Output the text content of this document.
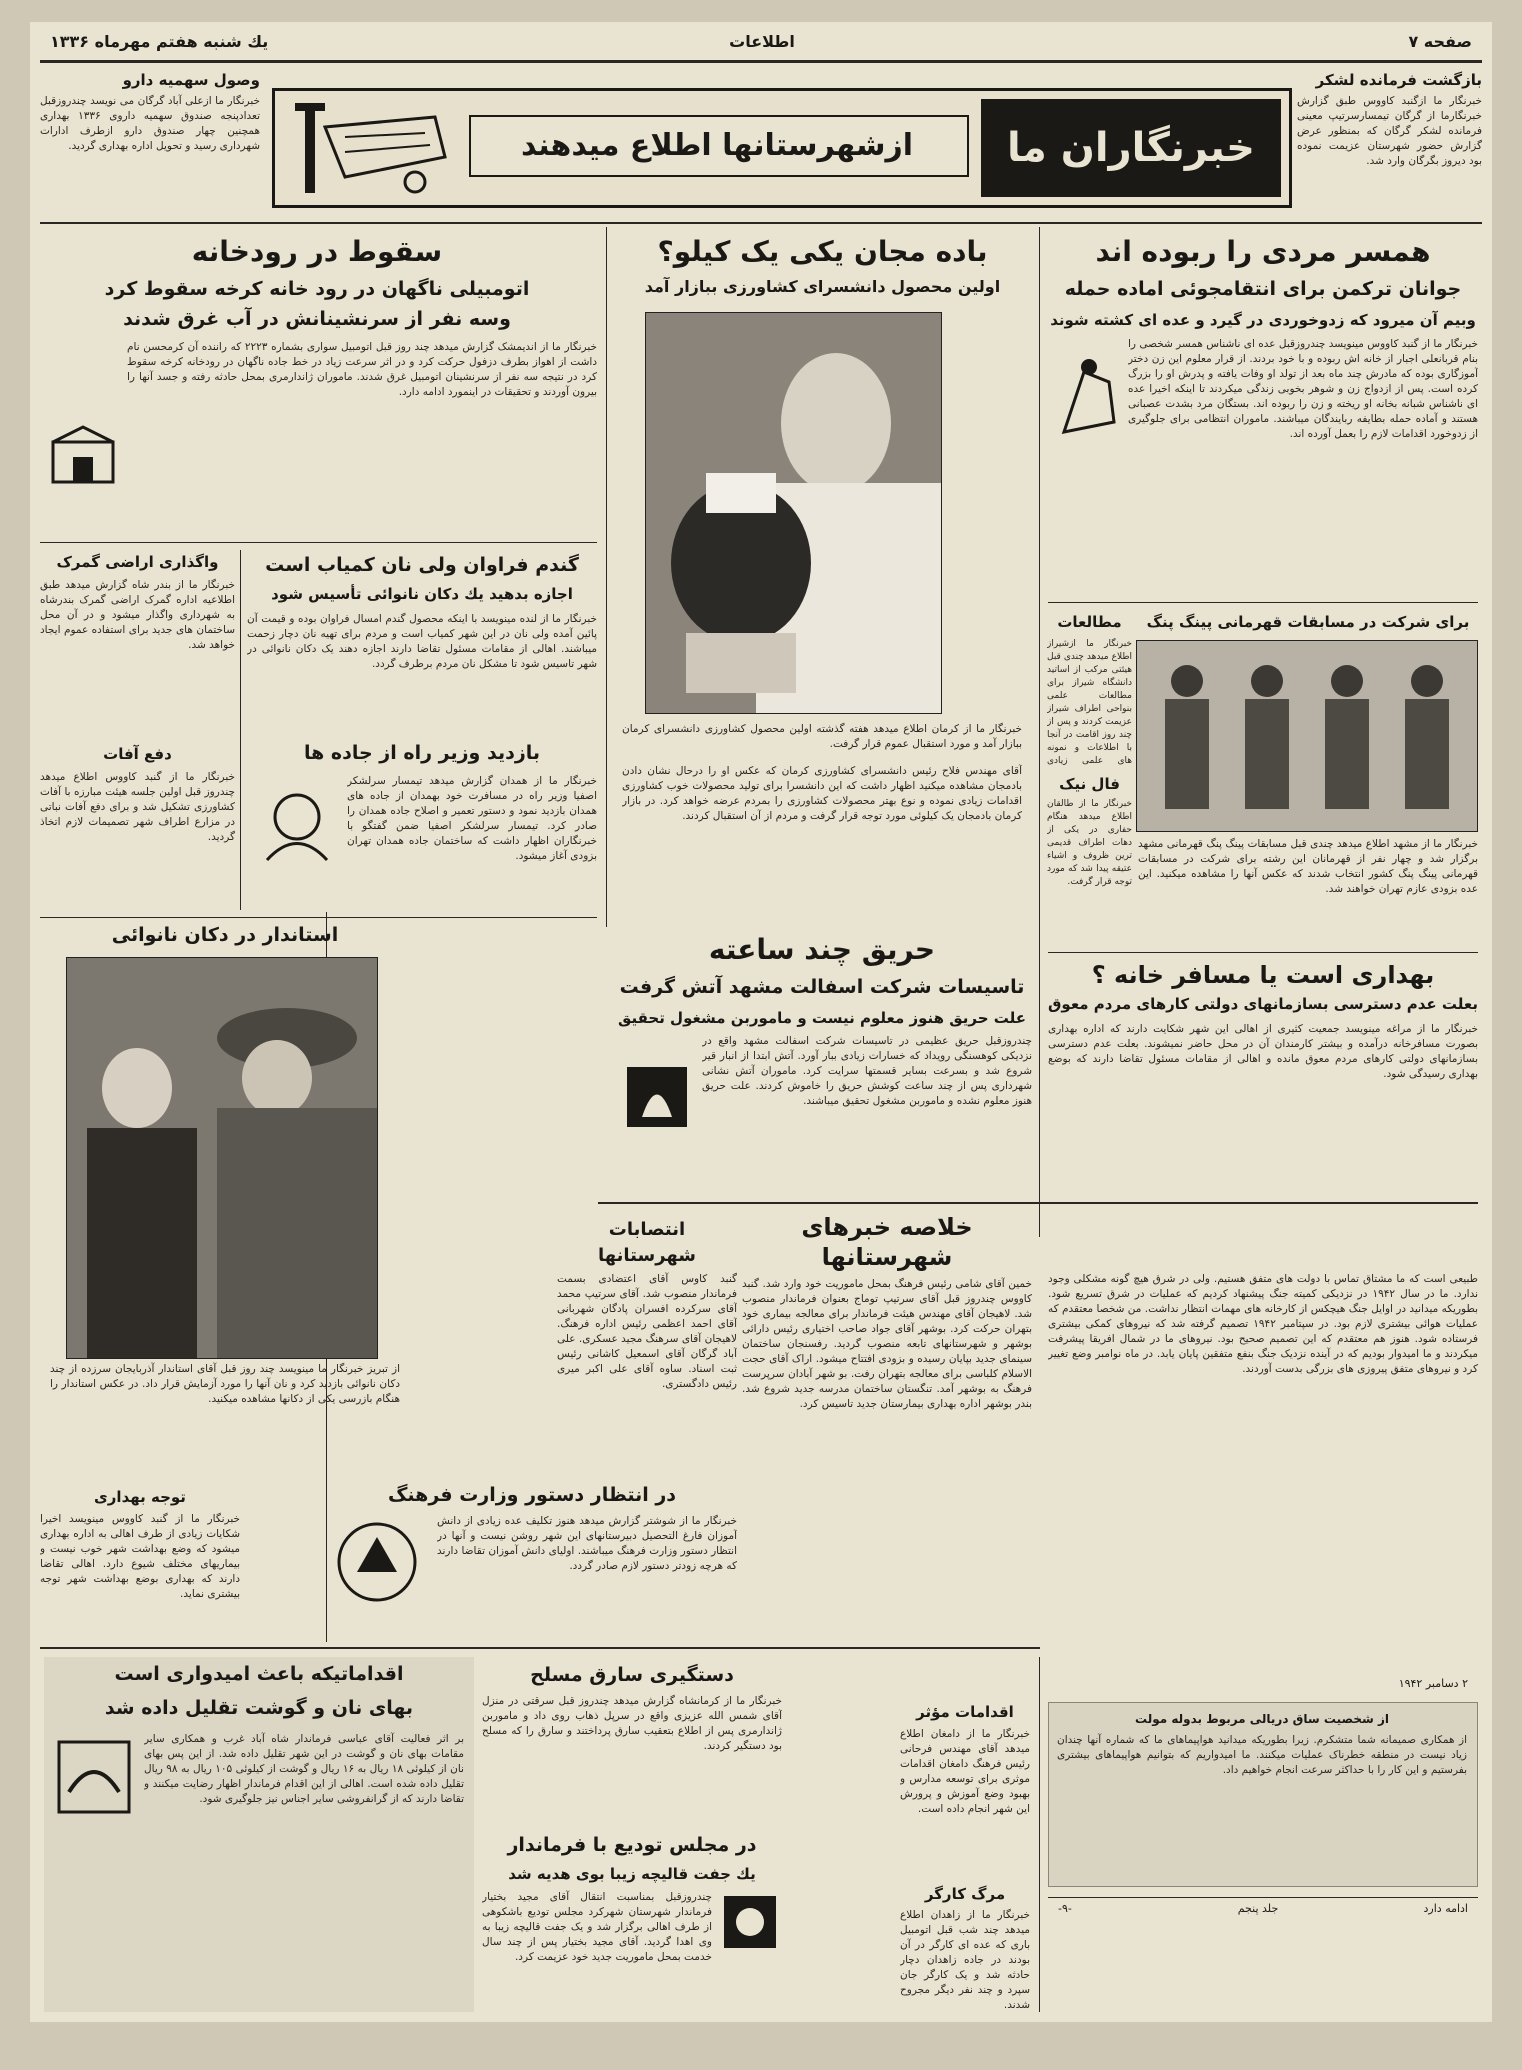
صفحه ۷
اطلاعات
یك شنبه هفتم مهرماه ۱۳۳۶
بازگشت فرمانده لشکر
خبرنگار ما ازگنبد کاووس طبق گزارش خبرنگارما از گرگان تیمسارسرتیپ معینی فرمانده لشکر گرگان که بمنظور عرض گزارش حضور شهرستان عزیمت نموده بود دیروز بگرگان وارد شد.
وصول سهمیه دارو
خبرنگار ما ازعلی آباد گرگان می نویسد چندروزقبل تعدادپنجه صندوق سهمیه داروی ۱۳۳۶ بهداری همچنین چهار صندوق دارو ازطرف ادارات شهرداری رسید و تحویل اداره بهداری گردید.	خبرنگاران ما
ازشهرستانها اطلاع میدهند
همسر مردی را ربوده اند
جوانان ترکمن برای انتقامجوئی اماده حمله
وبیم آن میرود که زدوخوردی در گیرد و عده ای کشته شوند
خبرنگار ما از گنبد کاووس مینویسد چندروزقبل عده ای ناشناس همسر شخصی را بنام قربانعلی اجبار از خانه اش ربوده و با خود بردند. از قرار معلوم این زن دختر آموزگاری بوده که مادرش چند ماه بعد از تولد او وفات یافته و پدرش او را بزرگ کرده است. پس از ازدواج زن و شوهر بخوبی زندگی میکردند تا اینکه اخیرا عده ای ناشناس شبانه بخانه او ریخته و زن را ربوده اند. بستگان مرد بشدت عصبانی هستند و آماده حمله بطایفه ربایندگان میباشند. ماموران انتظامی برای جلوگیری از زدوخورد اقدامات لازم را بعمل آورده اند.
باده مجان یکی یک کیلو؟
اولین محصول دانشسرای کشاورزی ببازار آمد
خبرنگار ما از کرمان اطلاع میدهد هفته گذشته اولین محصول کشاورزی دانشسرای کرمان ببازار آمد و مورد استقبال عموم قرار گرفت.
آقای مهندس فلاح رئیس دانشسرای کشاورزی کرمان که عکس او را درحال نشان دادن بادمجان مشاهده میکنید اظهار داشت که این دانشسرا برای تولید محصولات خوب کشاورزی اقدامات زیادی نموده و نوع بهتر محصولات کشاورزی را بمردم عرضه خواهد کرد. در بازار کرمان بادمجان یک کیلوئی مورد توجه قرار گرفت و مردم از آن استقبال کردند.
سقوط در رودخانه
اتومبیلی ناگهان در رود خانه کرخه سقوط کرد
وسه نفر از سرنشینانش در آب غرق شدند
خبرنگار ما از اندیمشک گزارش میدهد چند روز قبل اتومبیل سواری بشماره ۲۲۲۳ که راننده آن کرمحسن نام داشت از اهواز بطرف دزفول حرکت کرد و در اثر سرعت زیاد در خط جاده ناگهان در رودخانه کرخه سقوط کرد در نتیجه سه نفر از سرنشینان اتومبیل غرق شدند. ماموران ژاندارمری بمحل حادثه رفته و جسد آنها را بیرون آوردند و تحقیقات در اینمورد ادامه دارد.
گندم فراوان ولی نان کمیاب است
اجازه بدهید یك دكان نانوائی تأسیس شود
خبرنگار ما از لنده مینویسد با اینکه محصول گندم امسال فراوان بوده و قیمت آن پائین آمده ولی نان در این شهر کمیاب است و مردم برای تهیه نان دچار زحمت میباشند. اهالی از مقامات مسئول تقاضا دارند اجازه دهند یک دکان نانوائی در شهر تاسیس شود تا مشکل نان مردم برطرف گردد.
واگذاری اراضی گمرک
خبرنگار ما از بندر شاه گزارش میدهد طبق اطلاعیه اداره گمرک اراضی گمرک بندرشاه به شهرداری واگذار میشود و در آن محل ساختمان های جدید برای استفاده عموم ایجاد خواهد شد.
بازدید وزیر راه از جاده ها
خبرنگار ما از همدان گزارش میدهد تیمسار سرلشکر اصفیا وزیر راه در مسافرت خود بهمدان از جاده های همدان بازدید نمود و دستور تعمیر و اصلاح جاده همدان را صادر کرد. تیمسار سرلشکر اصفیا ضمن گفتگو با خبرنگاران اظهار داشت که ساختمان جاده همدان تهران بزودی آغاز میشود.
دفع آفات
خبرنگار ما از گنبد کاووس اطلاع میدهد چندروز قبل اولین جلسه هیئت مبارزه با آفات کشاورزی تشکیل شد و برای دفع آفات نباتی در مزارع اطراف شهر تصمیمات لازم اتخاذ گردید.
برای شرکت در مسابقات قهرمانی پینگ پنگ
خبرنگار ما از مشهد اطلاع میدهد چندی قبل مسابقات پینگ پنگ قهرمانی مشهد برگزار شد و چهار نفر از قهرمانان این رشته برای شرکت در مسابقات قهرمانی پینگ پنگ کشور انتخاب شدند که عکس آنها را مشاهده میکنید. این عده بزودی عازم تهران خواهند شد.
مطالعات
خبرنگار ما ازشیراز اطلاع میدهد چندی قبل هیئتی مرکب از اساتید دانشگاه شیراز برای مطالعات علمی بنواحی اطراف شیراز عزیمت کردند و پس از چند روز اقامت در آنجا با اطلاعات و نمونه های علمی زیادی
فال نیک
خبرنگار ما از طالقان اطلاع میدهد هنگام حفاری در یکی از دهات اطراف قدیمی ترین ظروف و اشیاء عتیقه پیدا شد که مورد توجه قرار گرفت.
استاندار در دکان نانوائی
از تبریز خبرنگار ما مینویسد چند روز قبل آقای استاندار آذربایجان سرزده از چند دکان نانوائی بازدید کرد و نان آنها را مورد آزمایش قرار داد. در عکس استاندار را هنگام بازرسی یکی از دکانها مشاهده میکنید.
حریق چند ساعته
تاسیسات شرکت اسفالت مشهد آتش گرفت
علت حریق هنوز معلوم نیست و ماموربن مشغول تحقیق
چندروزقبل حریق عظیمی در تاسیسات شرکت اسفالت مشهد واقع در نزدیکی کوهسنگی رویداد که خسارات زیادی ببار آورد. آتش ابتدا از انبار قیر شروع شد و بسرعت بسایر قسمتها سرایت کرد. ماموران آتش نشانی شهرداری پس از چند ساعت کوشش حریق را خاموش کردند. علت حریق هنوز معلوم نشده و ماموربن مشغول تحقیق میباشند.
بهداری است یا مسافر خانه ؟
بعلت عدم دسترسی بسازمانهای دولتی کارهای مردم معوق
خبرنگار ما از مراغه مینویسد جمعیت کثیری از اهالی این شهر شکایت دارند که اداره بهداری بصورت مسافرخانه درآمده و بیشتر کارمندان آن در محل حاضر نمیشوند. بعلت عدم دسترسی بسازمانهای دولتی کارهای مردم معوق مانده و اهالی از مقامات مسئول تقاضا دارند که بوضع بهداری رسیدگی شود.
طبیعی است که ما مشتاق تماس با دولت های متفق هستیم. ولی در شرق هیچ گونه مشکلی وجود ندارد. ما در سال ۱۹۴۲ در نزدیکی کمیته جنگ پیشنهاد کردیم که عملیات در شرق تسریع شود. بطوریکه میدانید در اوایل جنگ هیچکس از کارخانه های مهمات انتظار نداشت. من شخصا معتقدم که عملیات هوائی بیشتری لازم بود. در سپتامبر ۱۹۴۲ تصمیم گرفته شد که نیروهای کمکی بیشتری فرستاده شود. هنوز هم معتقدم که این تصمیم صحیح بود. نیروهای ما در شمال افریقا پیشرفت میکردند و ما امیدوار بودیم که در آینده نزدیک جنگ بنفع متفقین پایان یابد. در ماه نوامبر وضع تغییر کرد و نیروهای متفق پیروزی های بزرگی بدست آوردند.
۲ دسامبر ۱۹۴۲
از شخصیت ساق دریالی مربوط بدوله مولت
از همکاری صمیمانه شما متشکرم. زیرا بطوریکه میدانید هواپیماهای ما که شماره آنها چندان زیاد نیست در منطقه خطرناک عملیات میکنند. ما امیدواریم که بتوانیم هواپیماهای بیشتری بفرستیم و این کار را با حداکثر سرعت انجام خواهیم داد.
ادامه دارد
جلد پنجم
-۹-
خلاصه خبرهای شهرستانها
خمین آقای شامی رئیس فرهنگ بمحل ماموریت خود وارد شد. گنبد کاووس چندروز قبل آقای سرتیپ توماج بعنوان فرماندار منصوب شد. لاهیجان آقای مهندس هیئت فرماندار برای معالجه بیماری خود بتهران حرکت کرد. بوشهر آقای جواد صاحب اختیاری رئیس دارائی بوشهر و شهرستانهای تابعه منصوب گردید. رفسنجان ساختمان سینمای جدید بپایان رسیده و بزودی افتتاح میشود. اراک آقای حجت الاسلام کلباسی برای معالجه بتهران رفت. بو شهر آبادان سرپرست فرهنگ به بوشهر آمد. تنگستان ساختمان مدرسه جدید شروع شد. بندر بوشهر اداره بهداری بیمارستان جدید تاسیس کرد.
انتصابات شهرستانها
گنبد کاوس آقای اعتضادی بسمت فرماندار منصوب شد. آقای سرتیپ محمد آقای سرکرده افسران پادگان شهربانی آقای احمد اعظمی رئیس اداره فرهنگ. لاهیجان آقای سرهنگ مجید عسکری. علی آباد گرگان آقای اسمعیل کاشانی رئیس ثبت اسناد. ساوه آقای علی اکبر میری رئیس دادگستری.
در انتظار دستور وزارت فرهنگ
خبرنگار ما از شوشتر گزارش میدهد هنوز تکلیف عده زیادی از دانش آموزان فارغ التحصیل دبیرستانهای این شهر روشن نیست و آنها در انتظار دستور وزارت فرهنگ میباشند. اولیای دانش آموزان تقاضا دارند که هرچه زودتر دستور لازم صادر گردد.
توجه بهداری
خبرنگار ما از گنبد کاووس مینویسد اخیرا شکایات زیادی از طرف اهالی به اداره بهداری میشود که وضع بهداشت شهر خوب نیست و بیماریهای مختلف شیوع دارد. اهالی تقاضا دارند که بهداری بوضع بهداشت شهر توجه بیشتری نماید.
اقداماتیکه باعث امیدواری است
بهای نان و گوشت تقلیل داده شد
بر اثر فعالیت آقای عباسی فرماندار شاه آباد غرب و همکاری سایر مقامات بهای نان و گوشت در این شهر تقلیل داده شد. از این پس بهای نان از کیلوئی ۱۸ ریال به ۱۶ ریال و گوشت از کیلوئی ۱۰۵ ریال به ۹۸ ریال تقلیل داده شده است. اهالی از این اقدام فرماندار اظهار رضایت میکنند و تقاضا دارند که از گرانفروشی سایر اجناس نیز جلوگیری شود.
دستگیری سارق مسلح
خبرنگار ما از کرمانشاه گزارش میدهد چندروز قبل سرقتی در منزل آقای شمس الله عزیزی واقع در سرپل ذهاب روی داد و ماموربن ژاندارمری پس از اطلاع بتعقیب سارق پرداختند و سارق را که مسلح بود دستگیر کردند.
در مجلس تودیع با فرماندار
یك جفت قالیچه زیبا بوی هدیه شد
چندروزقبل بمناسبت انتقال آقای مجید بختیار فرماندار شهرستان شهرکرد مجلس تودیع باشکوهی از طرف اهالی برگزار شد و یک جفت قالیچه زیبا به وی اهدا گردید. آقای مجید بختیار پس از چند سال خدمت بمحل ماموریت جدید خود عزیمت کرد.
اقدامات مؤثر
خبرنگار ما از دامغان اطلاع میدهد آقای مهندس فرحانی رئیس فرهنگ دامغان اقدامات موثری برای توسعه مدارس و بهبود وضع آموزش و پرورش این شهر انجام داده است.
مرگ کارگر
خبرنگار ما از زاهدان اطلاع میدهد چند شب قبل اتومبیل باری که عده ای کارگر در آن بودند در جاده زاهدان دچار حادثه شد و یک کارگر جان سپرد و چند نفر دیگر مجروح شدند.
